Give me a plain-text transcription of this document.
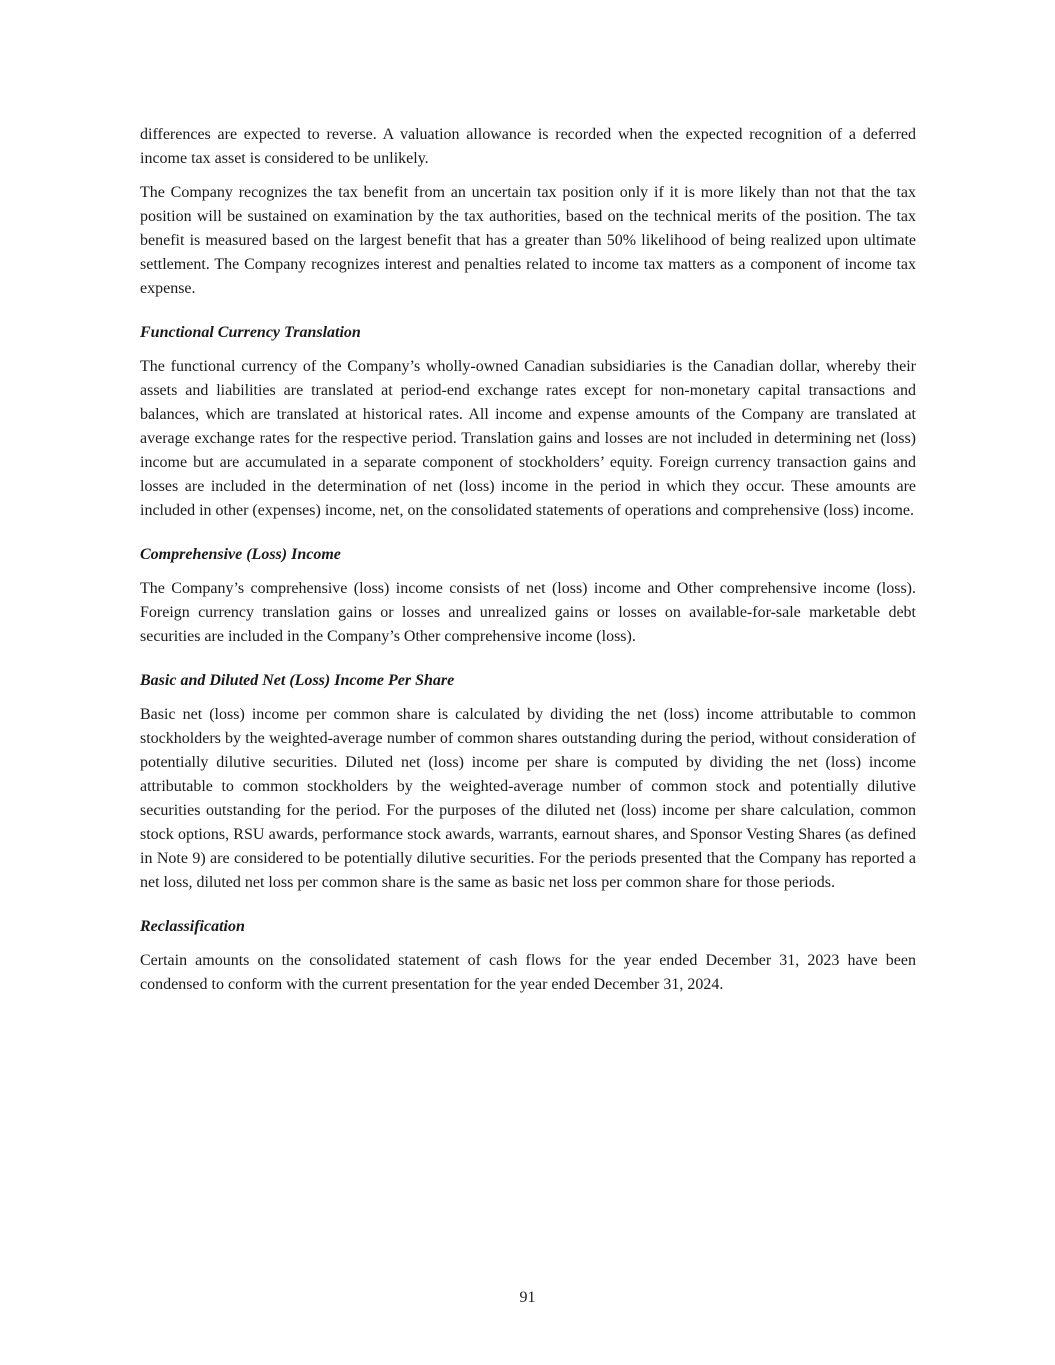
differences are expected to reverse. A valuation allowance is recorded when the expected recognition of a deferred income tax asset is considered to be unlikely.

The Company recognizes the tax benefit from an uncertain tax position only if it is more likely than not that the tax position will be sustained on examination by the tax authorities, based on the technical merits of the position. The tax benefit is measured based on the largest benefit that has a greater than 50% likelihood of being realized upon ultimate settlement. The Company recognizes interest and penalties related to income tax matters as a component of income tax expense.

Functional Currency Translation

The functional currency of the Company’s wholly-owned Canadian subsidiaries is the Canadian dollar, whereby their assets and liabilities are translated at period-end exchange rates except for non-monetary capital transactions and balances, which are translated at historical rates. All income and expense amounts of the Company are translated at average exchange rates for the respective period. Translation gains and losses are not included in determining net (loss) income but are accumulated in a separate component of stockholders’ equity. Foreign currency transaction gains and losses are included in the determination of net (loss) income in the period in which they occur. These amounts are included in other (expenses) income, net, on the consolidated statements of operations and comprehensive (loss) income.

Comprehensive (Loss) Income

The Company’s comprehensive (loss) income consists of net (loss) income and Other comprehensive income (loss). Foreign currency translation gains or losses and unrealized gains or losses on available-for-sale marketable debt securities are included in the Company’s Other comprehensive income (loss).

Basic and Diluted Net (Loss) Income Per Share

Basic net (loss) income per common share is calculated by dividing the net (loss) income attributable to common stockholders by the weighted-average number of common shares outstanding during the period, without consideration of potentially dilutive securities. Diluted net (loss) income per share is computed by dividing the net (loss) income attributable to common stockholders by the weighted-average number of common stock and potentially dilutive securities outstanding for the period. For the purposes of the diluted net (loss) income per share calculation, common stock options, RSU awards, performance stock awards, warrants, earnout shares, and Sponsor Vesting Shares (as defined in Note 9) are considered to be potentially dilutive securities. For the periods presented that the Company has reported a net loss, diluted net loss per common share is the same as basic net loss per common share for those periods.

Reclassification

Certain amounts on the consolidated statement of cash flows for the year ended December 31, 2023 have been condensed to conform with the current presentation for the year ended December 31, 2024.

91
